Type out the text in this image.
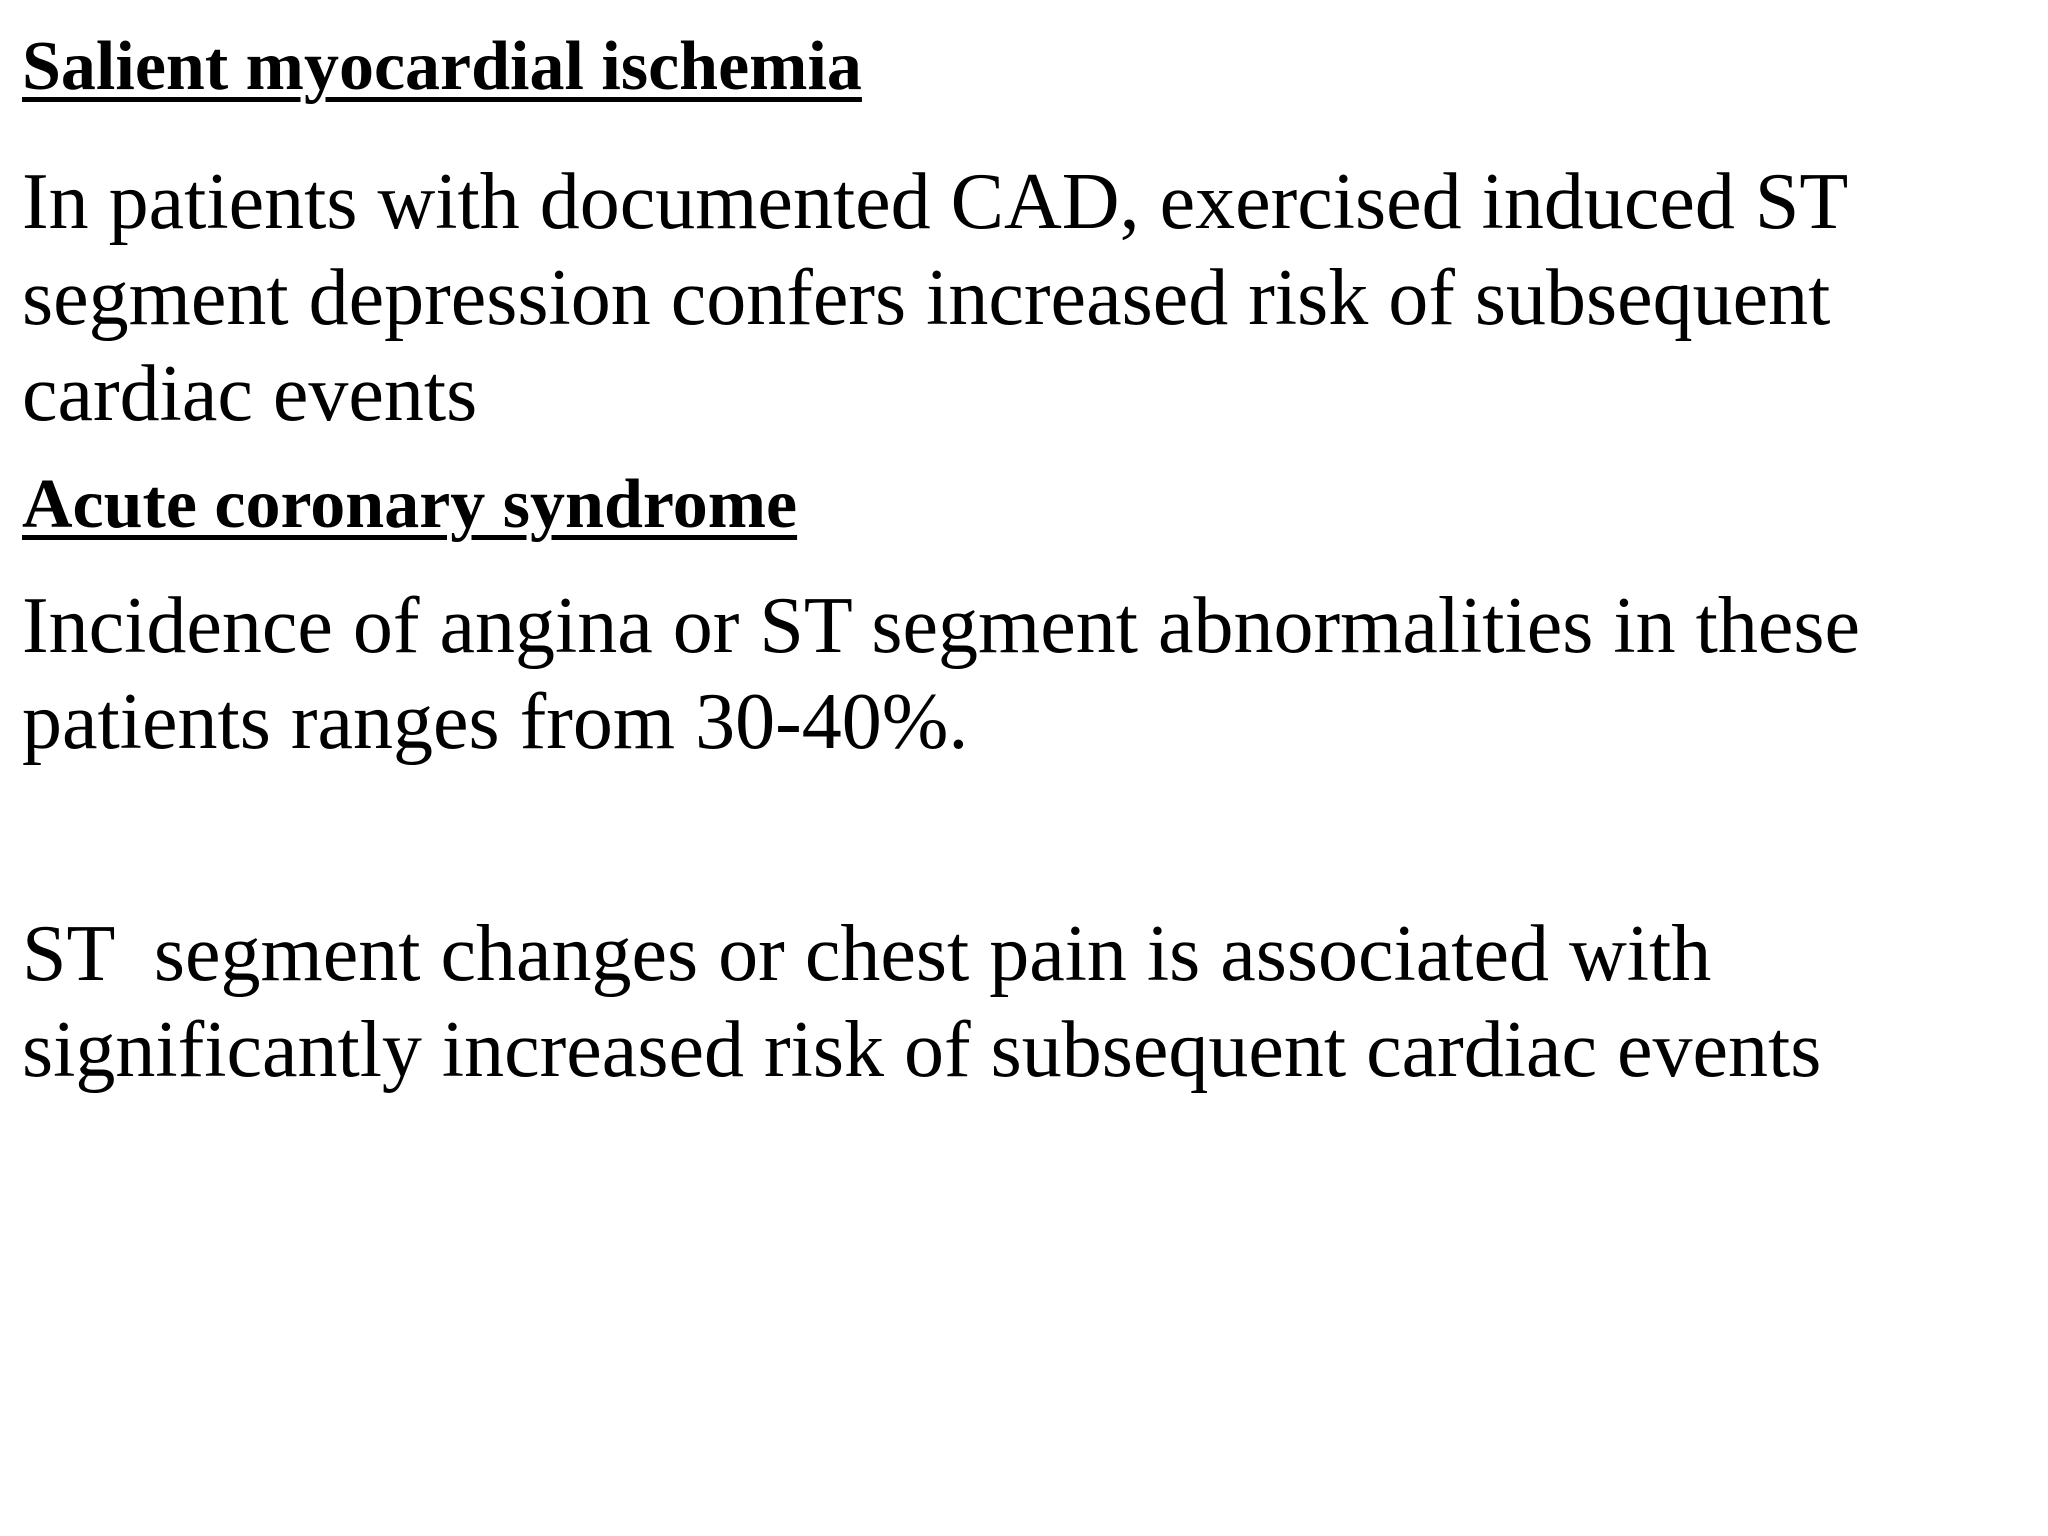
Salient myocardial ischemia

In patients with documented CAD, exercised induced ST
segment depression confers increased risk of subsequent
cardiac events

Acute coronary syndrome

Incidence of angina or ST segment abnormalities in these
patients ranges from 30-40%.

ST  segment changes or chest pain is associated with
significantly increased risk of subsequent cardiac events
